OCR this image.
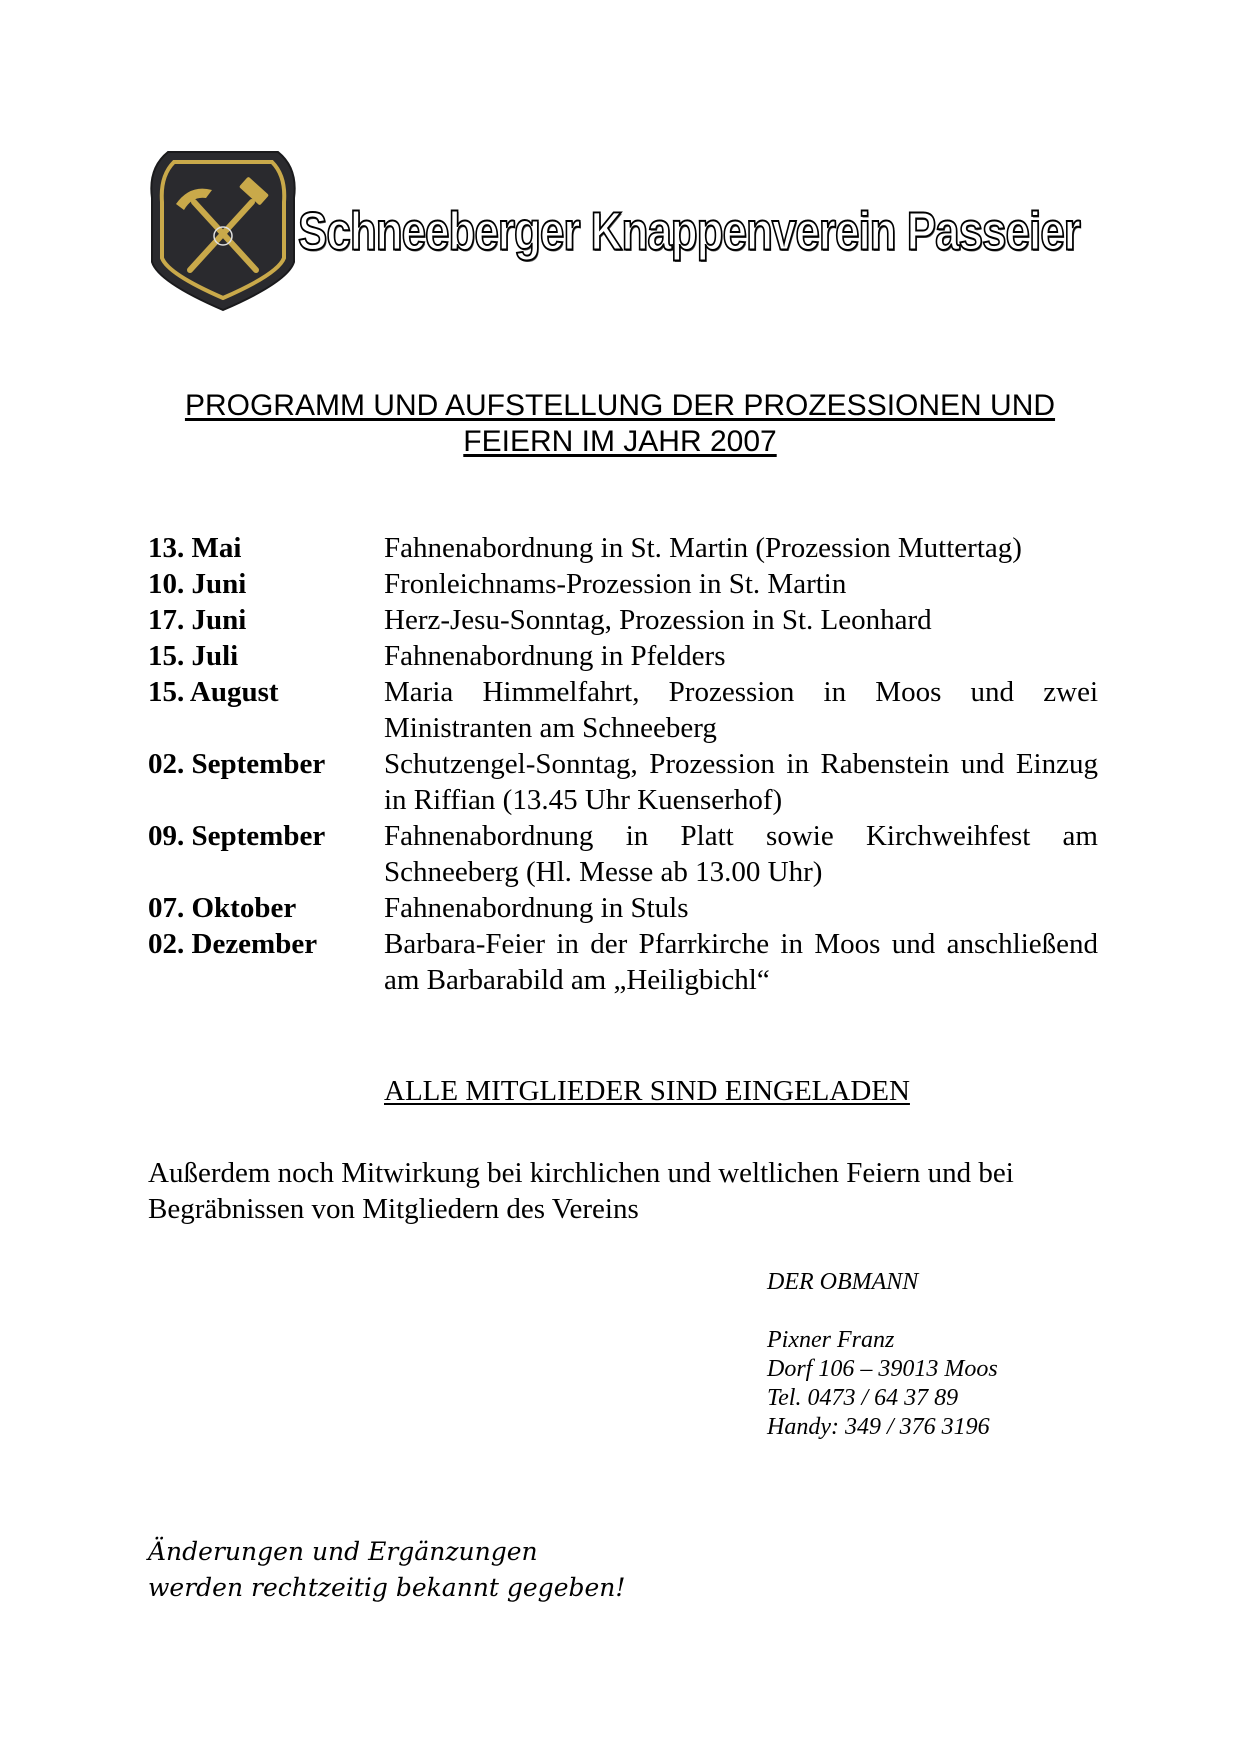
Schneeberger Knappenverein Passeier
PROGRAMM UND AUFSTELLUNG DER PROZESSIONEN UND
FEIERN IM JAHR 2007
13. Mai	Fahnenabordnung in St. Martin (Prozession Muttertag)
10. Juni	Fronleichnams-Prozession in St. Martin
17. Juni	Herz-Jesu-Sonntag, Prozession in St. Leonhard
15. Juli	Fahnenabordnung in Pfelders
15. August	Maria Himmelfahrt, Prozession in Moos und zwei Ministranten am Schneeberg
02. September	Schutzengel-Sonntag, Prozession in Rabenstein und Einzug in Riffian (13.45 Uhr Kuenserhof)
09. September	Fahnenabordnung in Platt sowie Kirchweihfest am Schneeberg (Hl. Messe ab 13.00 Uhr)
07. Oktober	Fahnenabordnung in Stuls
02. Dezember	Barbara-Feier in der Pfarrkirche in Moos und anschließend am Barbarabild am „Heiligbichl“
ALLE MITGLIEDER SIND EINGELADEN
Außerdem noch Mitwirkung bei kirchlichen und weltlichen Feiern und bei Begräbnissen von Mitgliedern des Vereins
DER OBMANN
Pixner Franz
Dorf 106 – 39013 Moos
Tel. 0473 / 64 37 89
Handy: 349 / 376 3196
Änderungen und Ergänzungen
werden rechtzeitig bekannt gegeben!
